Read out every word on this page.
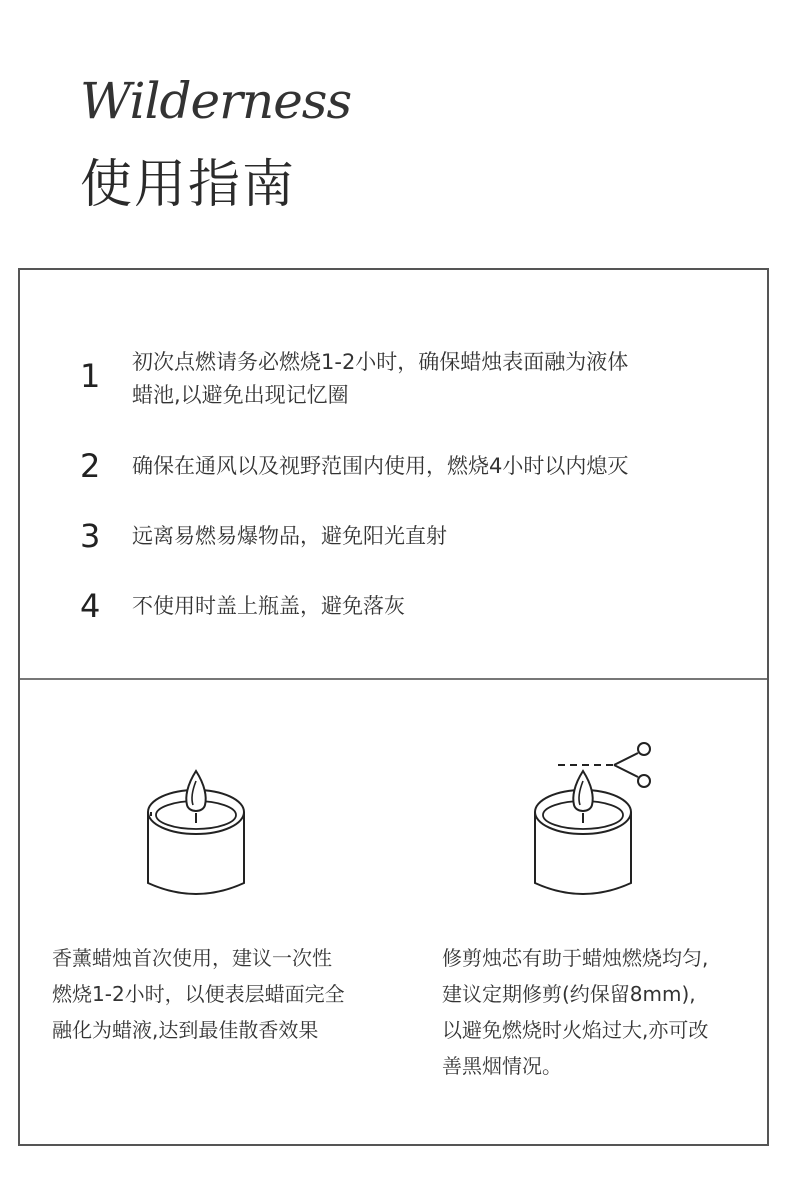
Wilderness
使用指南
1	初次点燃请务必燃烧1-2小时，确保蜡烛表面融为液体
蜡池,以避免出现记忆圈
2	确保在通风以及视野范围内使用，燃烧4小时以内熄灭
3	远离易燃易爆物品，避免阳光直射
4	不使用时盖上瓶盖，避免落灰
香薰蜡烛首次使用，建议一次性
燃烧1-2小时，以便表层蜡面完全
融化为蜡液,达到最佳散香效果
修剪烛芯有助于蜡烛燃烧均匀,
建议定期修剪(约保留8mm),
以避免燃烧时火焰过大,亦可改
善黑烟情况。
